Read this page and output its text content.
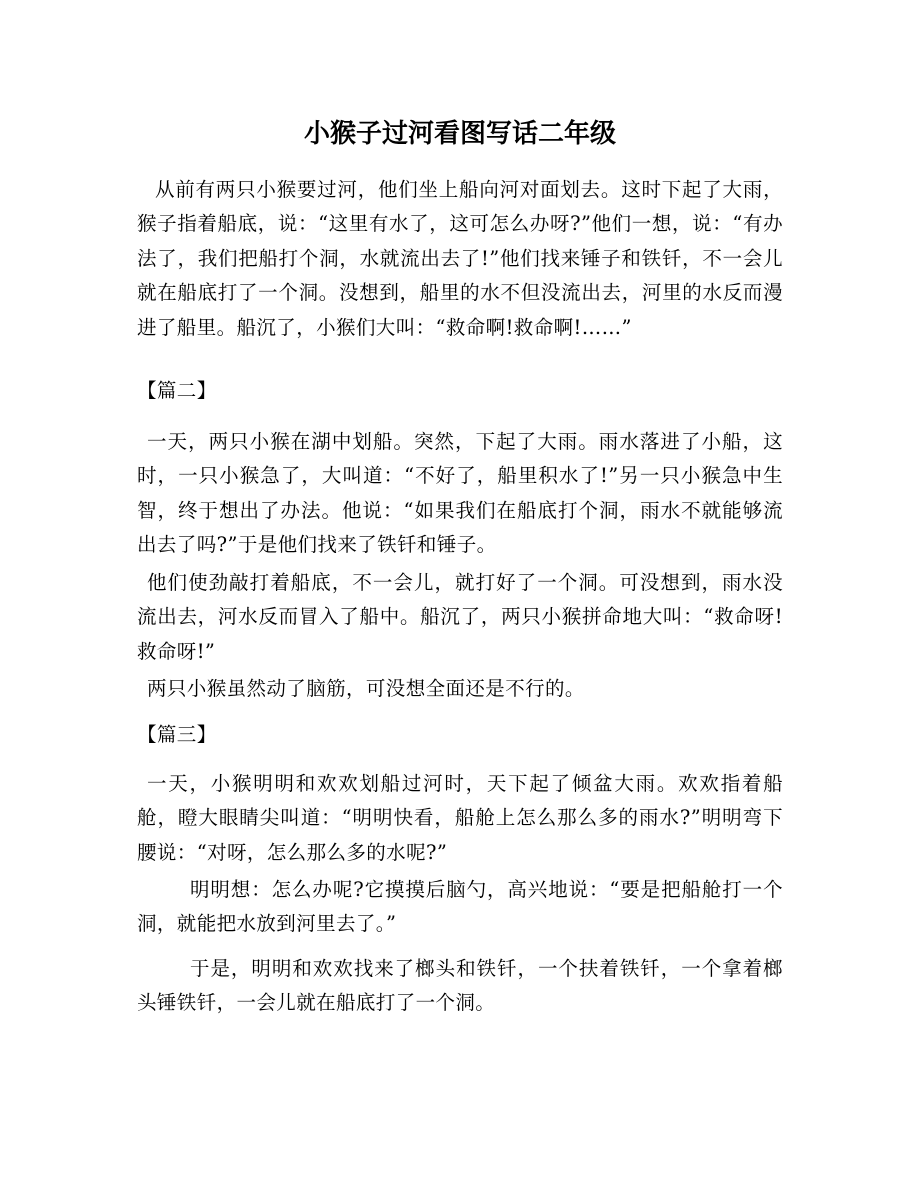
小猴子过河看图写话二年级

从前有两只小猴要过河，他们坐上船向河对面划去。这时下起了大雨，猴子指着船底，说：“这里有水了，这可怎么办呀?”他们一想，说：“有办法了，我们把船打个洞，水就流出去了!”他们找来锤子和铁钎，不一会儿就在船底打了一个洞。没想到，船里的水不但没流出去，河里的水反而漫进了船里。船沉了，小猴们大叫：“救命啊!救命啊!……”

【篇二】

一天，两只小猴在湖中划船。突然，下起了大雨。雨水落进了小船，这时，一只小猴急了，大叫道：“不好了，船里积水了!”另一只小猴急中生智，终于想出了办法。他说：“如果我们在船底打个洞，雨水不就能够流出去了吗?”于是他们找来了铁钎和锤子。

他们使劲敲打着船底，不一会儿，就打好了一个洞。可没想到，雨水没流出去，河水反而冒入了船中。船沉了，两只小猴拼命地大叫：“救命呀!救命呀!”

两只小猴虽然动了脑筋，可没想全面还是不行的。

【篇三】

一天，小猴明明和欢欢划船过河时，天下起了倾盆大雨。欢欢指着船舱，瞪大眼睛尖叫道：“明明快看，船舱上怎么那么多的雨水?”明明弯下腰说：“对呀，怎么那么多的水呢?”

明明想：怎么办呢?它摸摸后脑勺，高兴地说：“要是把船舱打一个洞，就能把水放到河里去了。”

于是，明明和欢欢找来了榔头和铁钎，一个扶着铁钎，一个拿着榔头锤铁钎，一会儿就在船底打了一个洞。
